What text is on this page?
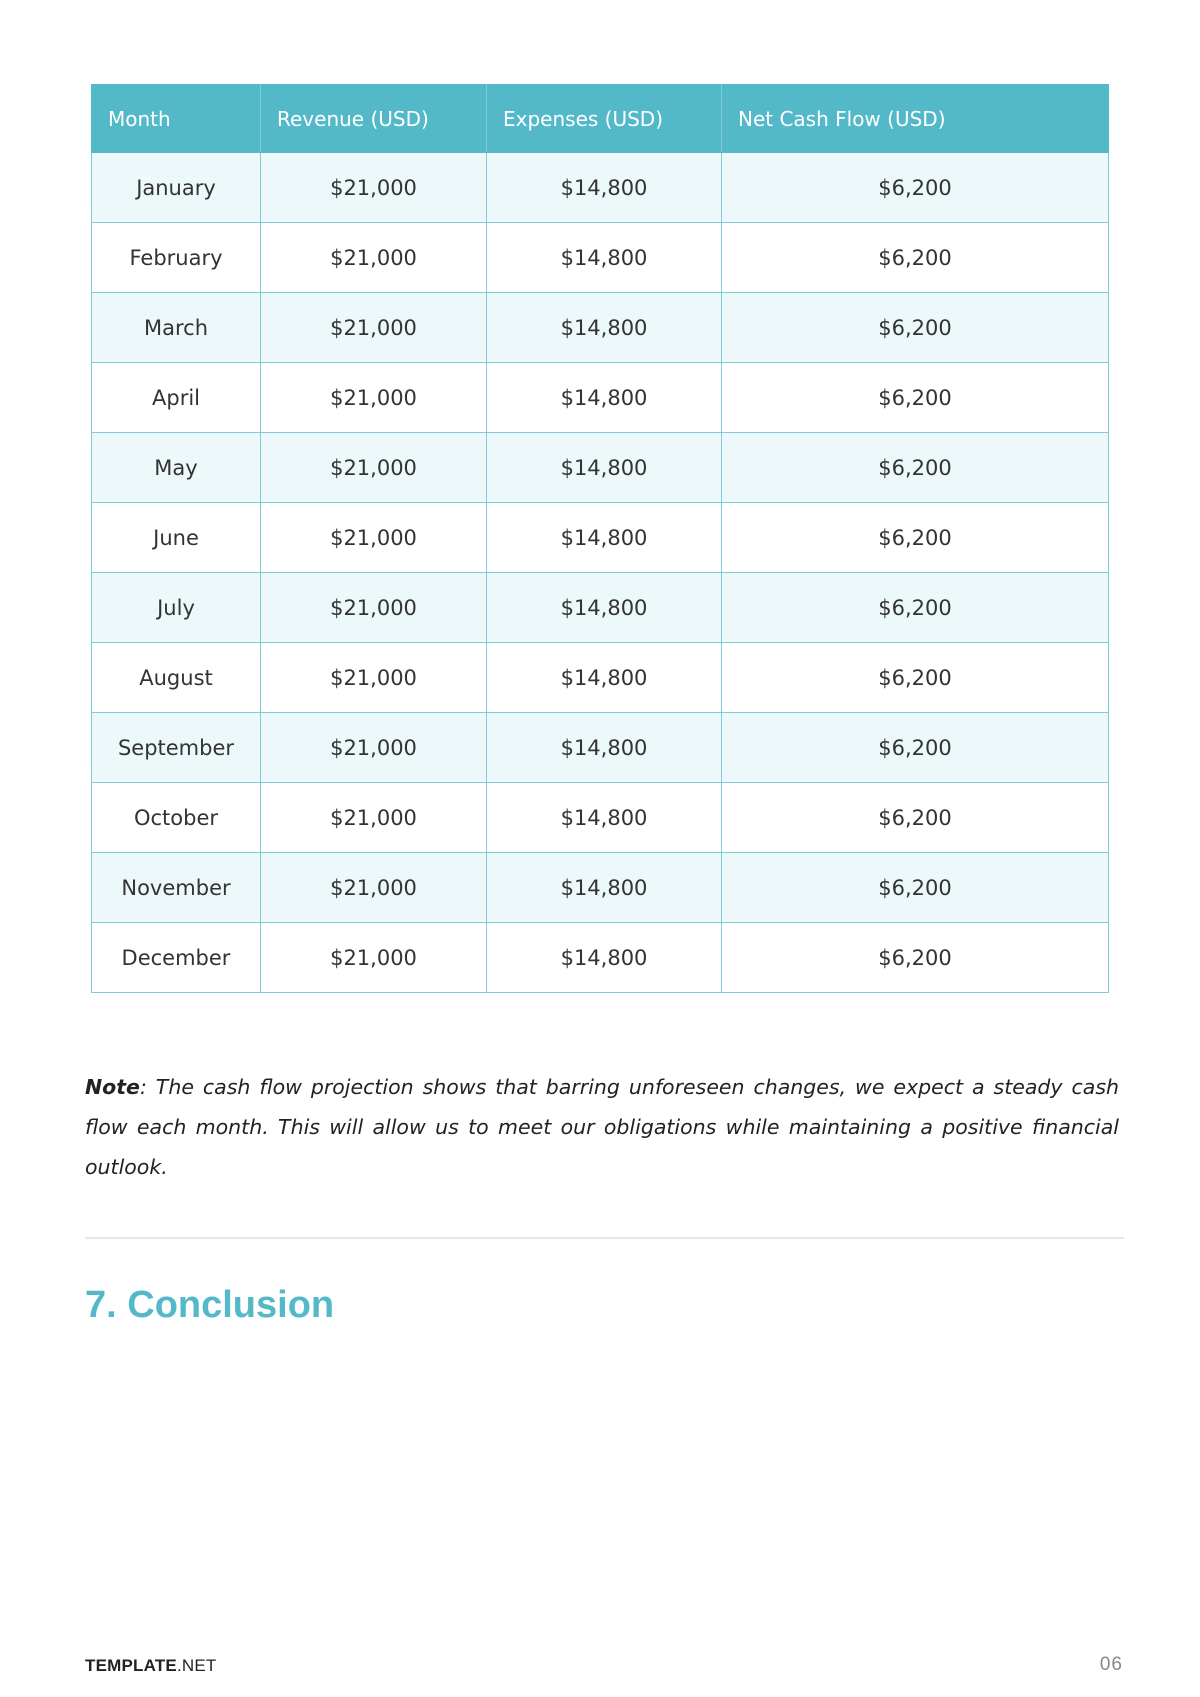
Month	Revenue (USD)	Expenses (USD)	Net Cash Flow (USD)
January	$21,000	$14,800	$6,200
February	$21,000	$14,800	$6,200
March	$21,000	$14,800	$6,200
April	$21,000	$14,800	$6,200
May	$21,000	$14,800	$6,200
June	$21,000	$14,800	$6,200
July	$21,000	$14,800	$6,200
August	$21,000	$14,800	$6,200
September	$21,000	$14,800	$6,200
October	$21,000	$14,800	$6,200
November	$21,000	$14,800	$6,200
December	$21,000	$14,800	$6,200

Note: The cash flow projection shows that barring unforeseen changes, we expect a steady cash flow each month. This will allow us to meet our obligations while maintaining a positive financial outlook.

7. Conclusion
TEMPLATE.NET	06
